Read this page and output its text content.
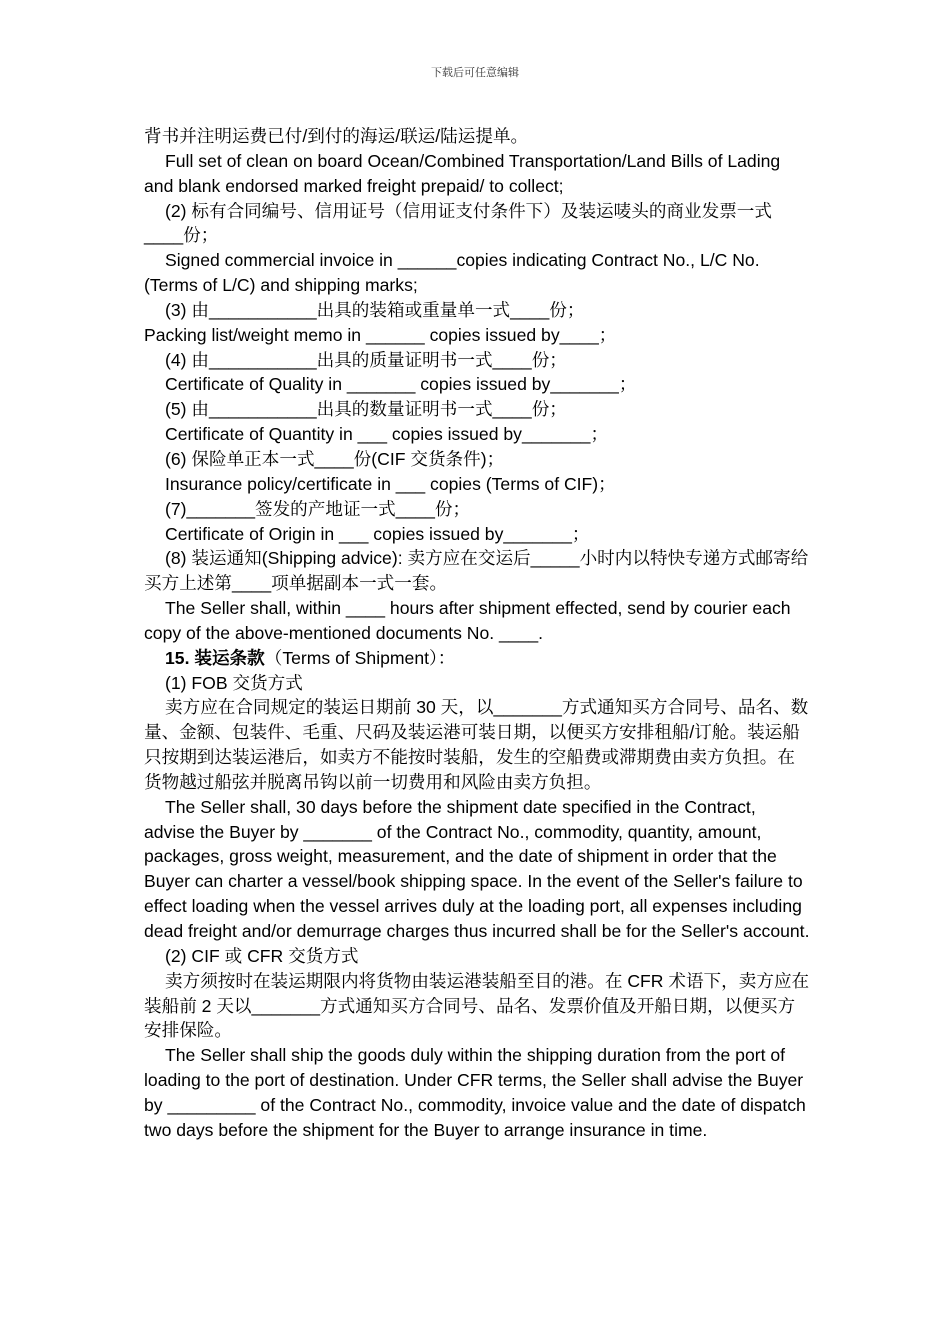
下载后可任意编辑

背书并注明运费已付/到付的海运/联运/陆运提单。

Full set of clean on board Ocean/Combined Transportation/Land Bills of Lading and blank endorsed marked freight prepaid/ to collect;

(2) 标有合同编号、信用证号（信用证支付条件下）及装运唛头的商业发票一式____份；

Signed commercial invoice in ______copies indicating Contract No., L/C No. (Terms of L/C) and shipping marks;

(3) 由___________出具的装箱或重量单一式____份；

Packing list/weight memo in ______ copies issued by____；

(4) 由___________出具的质量证明书一式____份；

Certificate of Quality in _______ copies issued by_______；

(5) 由___________出具的数量证明书一式____份；

Certificate of Quantity in ___ copies issued by_______；

(6) 保险单正本一式____份(CIF 交货条件)；

Insurance policy/certificate in ___ copies (Terms of CIF)；

(7)_______签发的产地证一式____份；

Certificate of Origin in ___ copies issued by_______；

(8) 装运通知(Shipping advice): 卖方应在交运后_____小时内以特快专递方式邮寄给买方上述第____项单据副本一式一套。

The Seller shall, within ____ hours after shipment effected, send by courier each copy of the above-mentioned documents No. ____.

15. 装运条款（Terms of Shipment）：

(1) FOB 交货方式

卖方应在合同规定的装运日期前 30 天，以_______方式通知买方合同号、品名、数量、金额、包装件、毛重、尺码及装运港可装日期，以便买方安排租船/订舱。装运船只按期到达装运港后，如卖方不能按时装船，发生的空船费或滞期费由卖方负担。在货物越过船弦并脱离吊钩以前一切费用和风险由卖方负担。

The Seller shall, 30 days before the shipment date specified in the Contract, advise the Buyer by _______ of the Contract No., commodity, quantity, amount, packages, gross weight, measurement, and the date of shipment in order that the Buyer can charter a vessel/book shipping space. In the event of the Seller's failure to effect loading when the vessel arrives duly at the loading port, all expenses including dead freight and/or demurrage charges thus incurred shall be for the Seller's account.

(2) CIF 或 CFR 交货方式

卖方须按时在装运期限内将货物由装运港装船至目的港。在 CFR 术语下，卖方应在装船前 2 天以_______方式通知买方合同号、品名、发票价值及开船日期，以便买方安排保险。

The Seller shall ship the goods duly within the shipping duration from the port of loading to the port of destination. Under CFR terms, the Seller shall advise the Buyer by _________ of the Contract No., commodity, invoice value and the date of dispatch two days before the shipment for the Buyer to arrange insurance in time.
